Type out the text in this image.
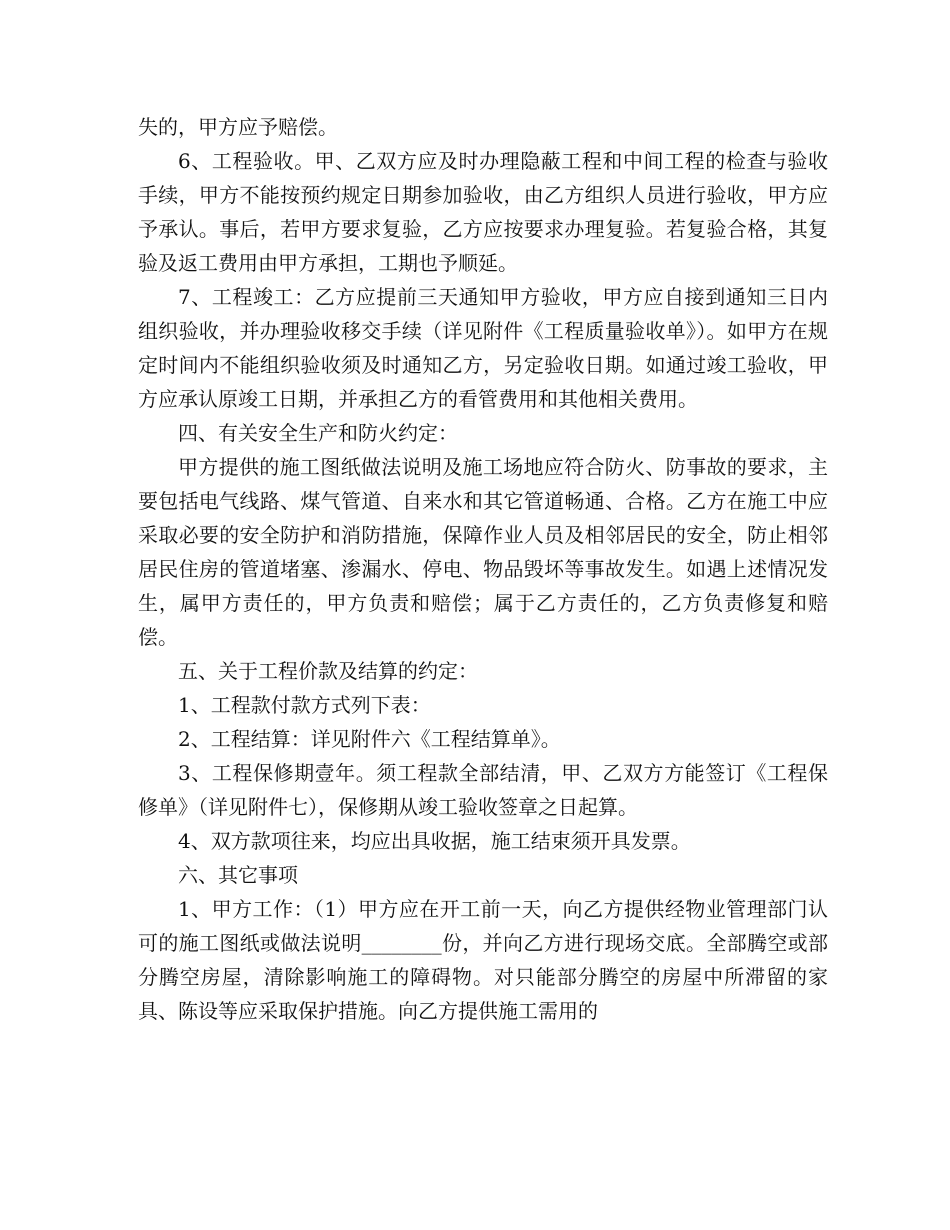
失的，甲方应予赔偿。

6、工程验收。甲、乙双方应及时办理隐蔽工程和中间工程的检查与验收手续，甲方不能按预约规定日期参加验收，由乙方组织人员进行验收，甲方应予承认。事后，若甲方要求复验，乙方应按要求办理复验。若复验合格，其复验及返工费用由甲方承担，工期也予顺延。

7、工程竣工：乙方应提前三天通知甲方验收，甲方应自接到通知三日内组织验收，并办理验收移交手续（详见附件《工程质量验收单》）。如甲方在规定时间内不能组织验收须及时通知乙方，另定验收日期。如通过竣工验收，甲方应承认原竣工日期，并承担乙方的看管费用和其他相关费用。

四、有关安全生产和防火约定：

甲方提供的施工图纸做法说明及施工场地应符合防火、防事故的要求，主要包括电气线路、煤气管道、自来水和其它管道畅通、合格。乙方在施工中应采取必要的安全防护和消防措施，保障作业人员及相邻居民的安全，防止相邻居民住房的管道堵塞、渗漏水、停电、物品毁坏等事故发生。如遇上述情况发生，属甲方责任的，甲方负责和赔偿；属于乙方责任的，乙方负责修复和赔偿。

五、关于工程价款及结算的约定：

1、工程款付款方式列下表：

2、工程结算：详见附件六《工程结算单》。

3、工程保修期壹年。须工程款全部结清，甲、乙双方方能签订《工程保修单》（详见附件七），保修期从竣工验收签章之日起算。

4、双方款项往来，均应出具收据，施工结束须开具发票。

六、其它事项

1、甲方工作：（1）甲方应在开工前一天，向乙方提供经物业管理部门认可的施工图纸或做法说明________份，并向乙方进行现场交底。全部腾空或部分腾空房屋，清除影响施工的障碍物。对只能部分腾空的房屋中所滞留的家具、陈设等应采取保护措施。向乙方提供施工需用的
